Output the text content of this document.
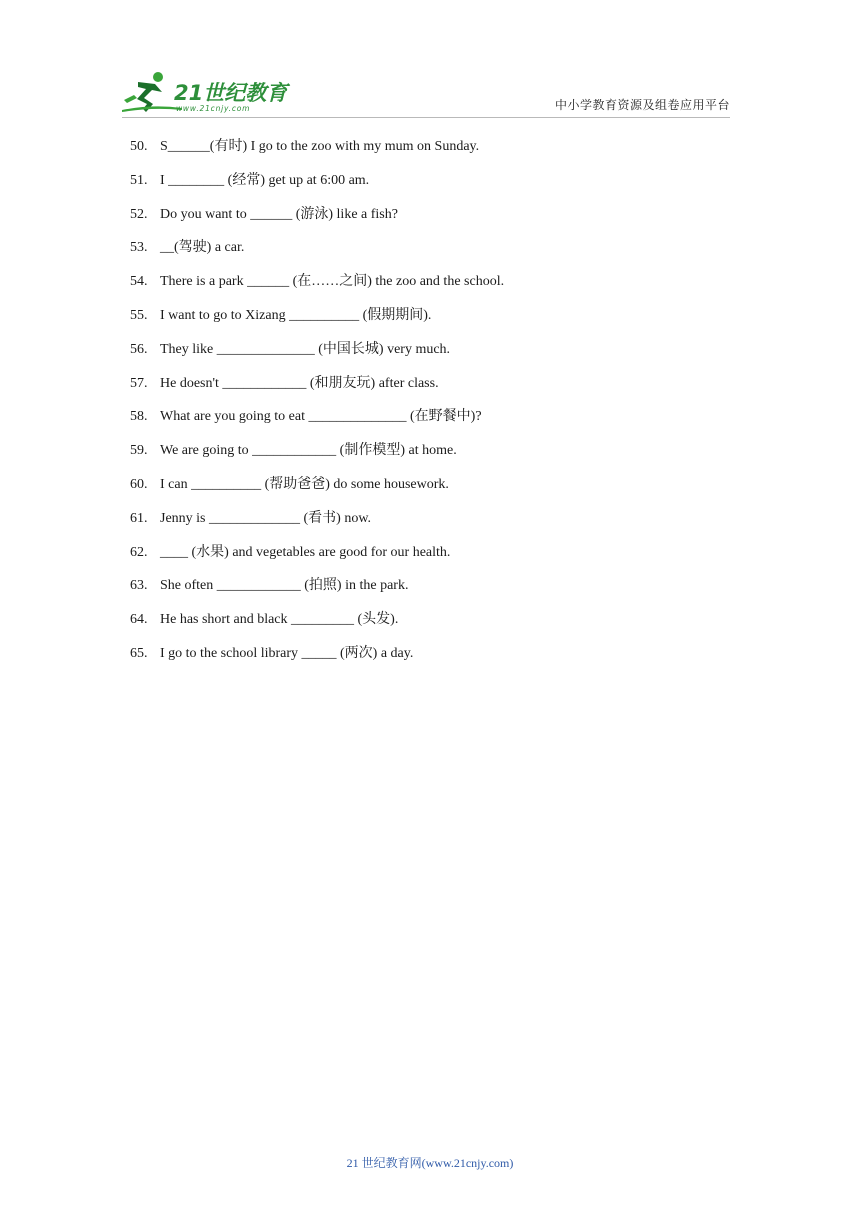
21世纪教育
www.21cnjy.com	中小学教育资源及组卷应用平台
50. S______(有时) I go to the zoo with my mum on Sunday.
51. I ________ (经常) get up at 6:00 am.
52. Do you want to ______ (游泳) like a fish?
53. __(驾驶) a car.
54. There is a park ______ (在……之间) the zoo and the school.
55. I want to go to Xizang __________ (假期期间).
56. They like ______________ (中国长城) very much.
57. He doesn't ____________ (和朋友玩) after class.
58. What are you going to eat ______________ (在野餐中)?
59. We are going to ____________ (制作模型) at home.
60. I can __________ (帮助爸爸) do some housework.
61. Jenny is _____________ (看书) now.
62. ____ (水果) and vegetables are good for our health.
63. She often ____________ (拍照) in the park.
64. He has short and black _________ (头发).
65. I go to the school library _____ (两次) a day.
21 世纪教育网(www.21cnjy.com)
